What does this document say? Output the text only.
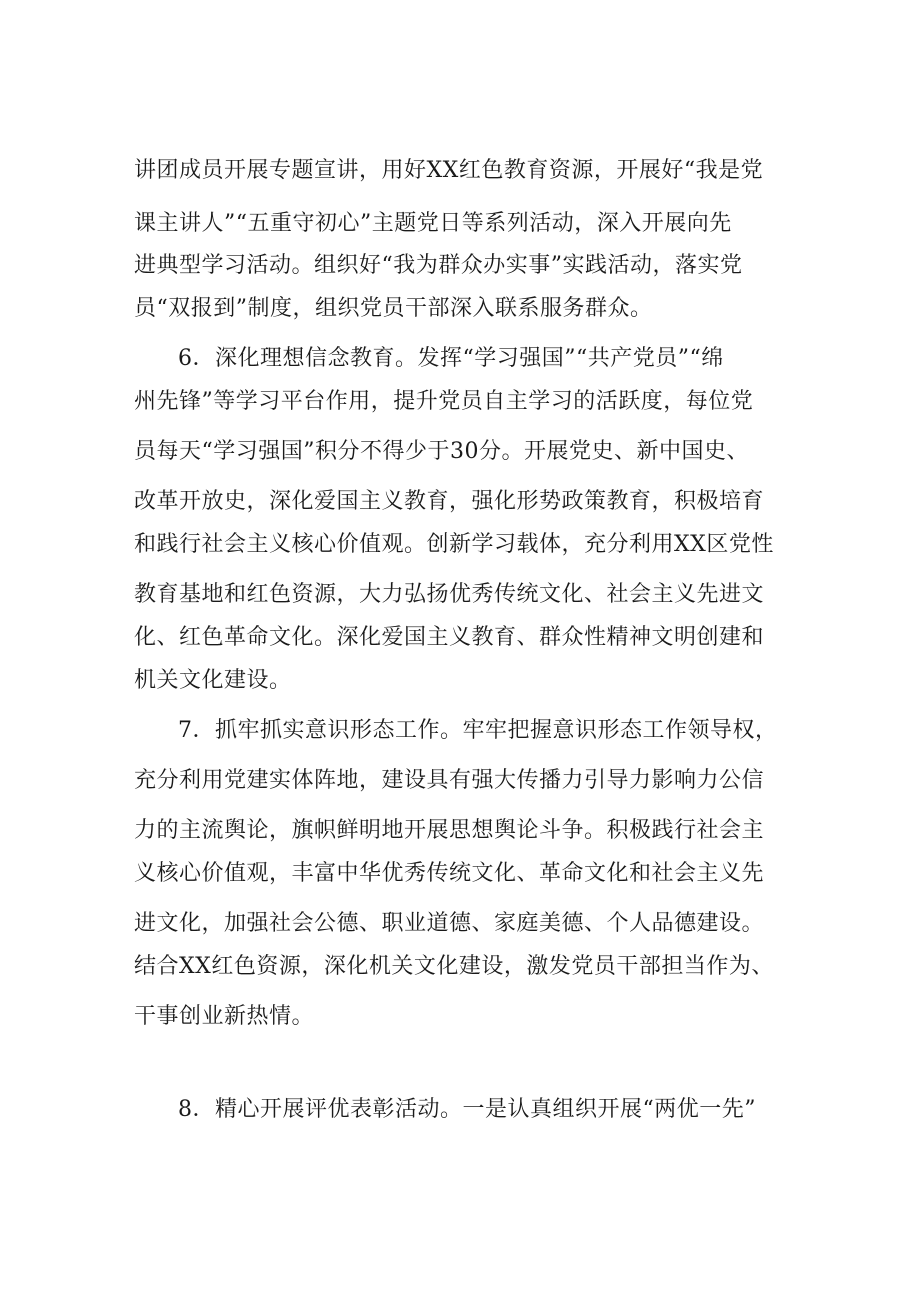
讲团成员开展专题宣讲，用好XX红色教育资源，开展好“我是党
课主讲人”“五重守初心”主题党日等系列活动，深入开展向先
进典型学习活动。组织好“我为群众办实事”实践活动，落实党
员“双报到”制度，组织党员干部深入联系服务群众。
6．深化理想信念教育。发挥“学习强国”“共产党员”“绵
州先锋”等学习平台作用，提升党员自主学习的活跃度，每位党
员每天“学习强国”积分不得少于30分。开展党史、新中国史、
改革开放史，深化爱国主义教育，强化形势政策教育，积极培育
和践行社会主义核心价值观。创新学习载体，充分利用XX区党性
教育基地和红色资源，大力弘扬优秀传统文化、社会主义先进文
化、红色革命文化。深化爱国主义教育、群众性精神文明创建和
机关文化建设。
7．抓牢抓实意识形态工作。牢牢把握意识形态工作领导权，
充分利用党建实体阵地，建设具有强大传播力引导力影响力公信
力的主流舆论，旗帜鲜明地开展思想舆论斗争。积极践行社会主
义核心价值观，丰富中华优秀传统文化、革命文化和社会主义先
进文化，加强社会公德、职业道德、家庭美德、个人品德建设。
结合XX红色资源，深化机关文化建设，激发党员干部担当作为、
干事创业新热情。
8．精心开展评优表彰活动。一是认真组织开展“两优一先”
